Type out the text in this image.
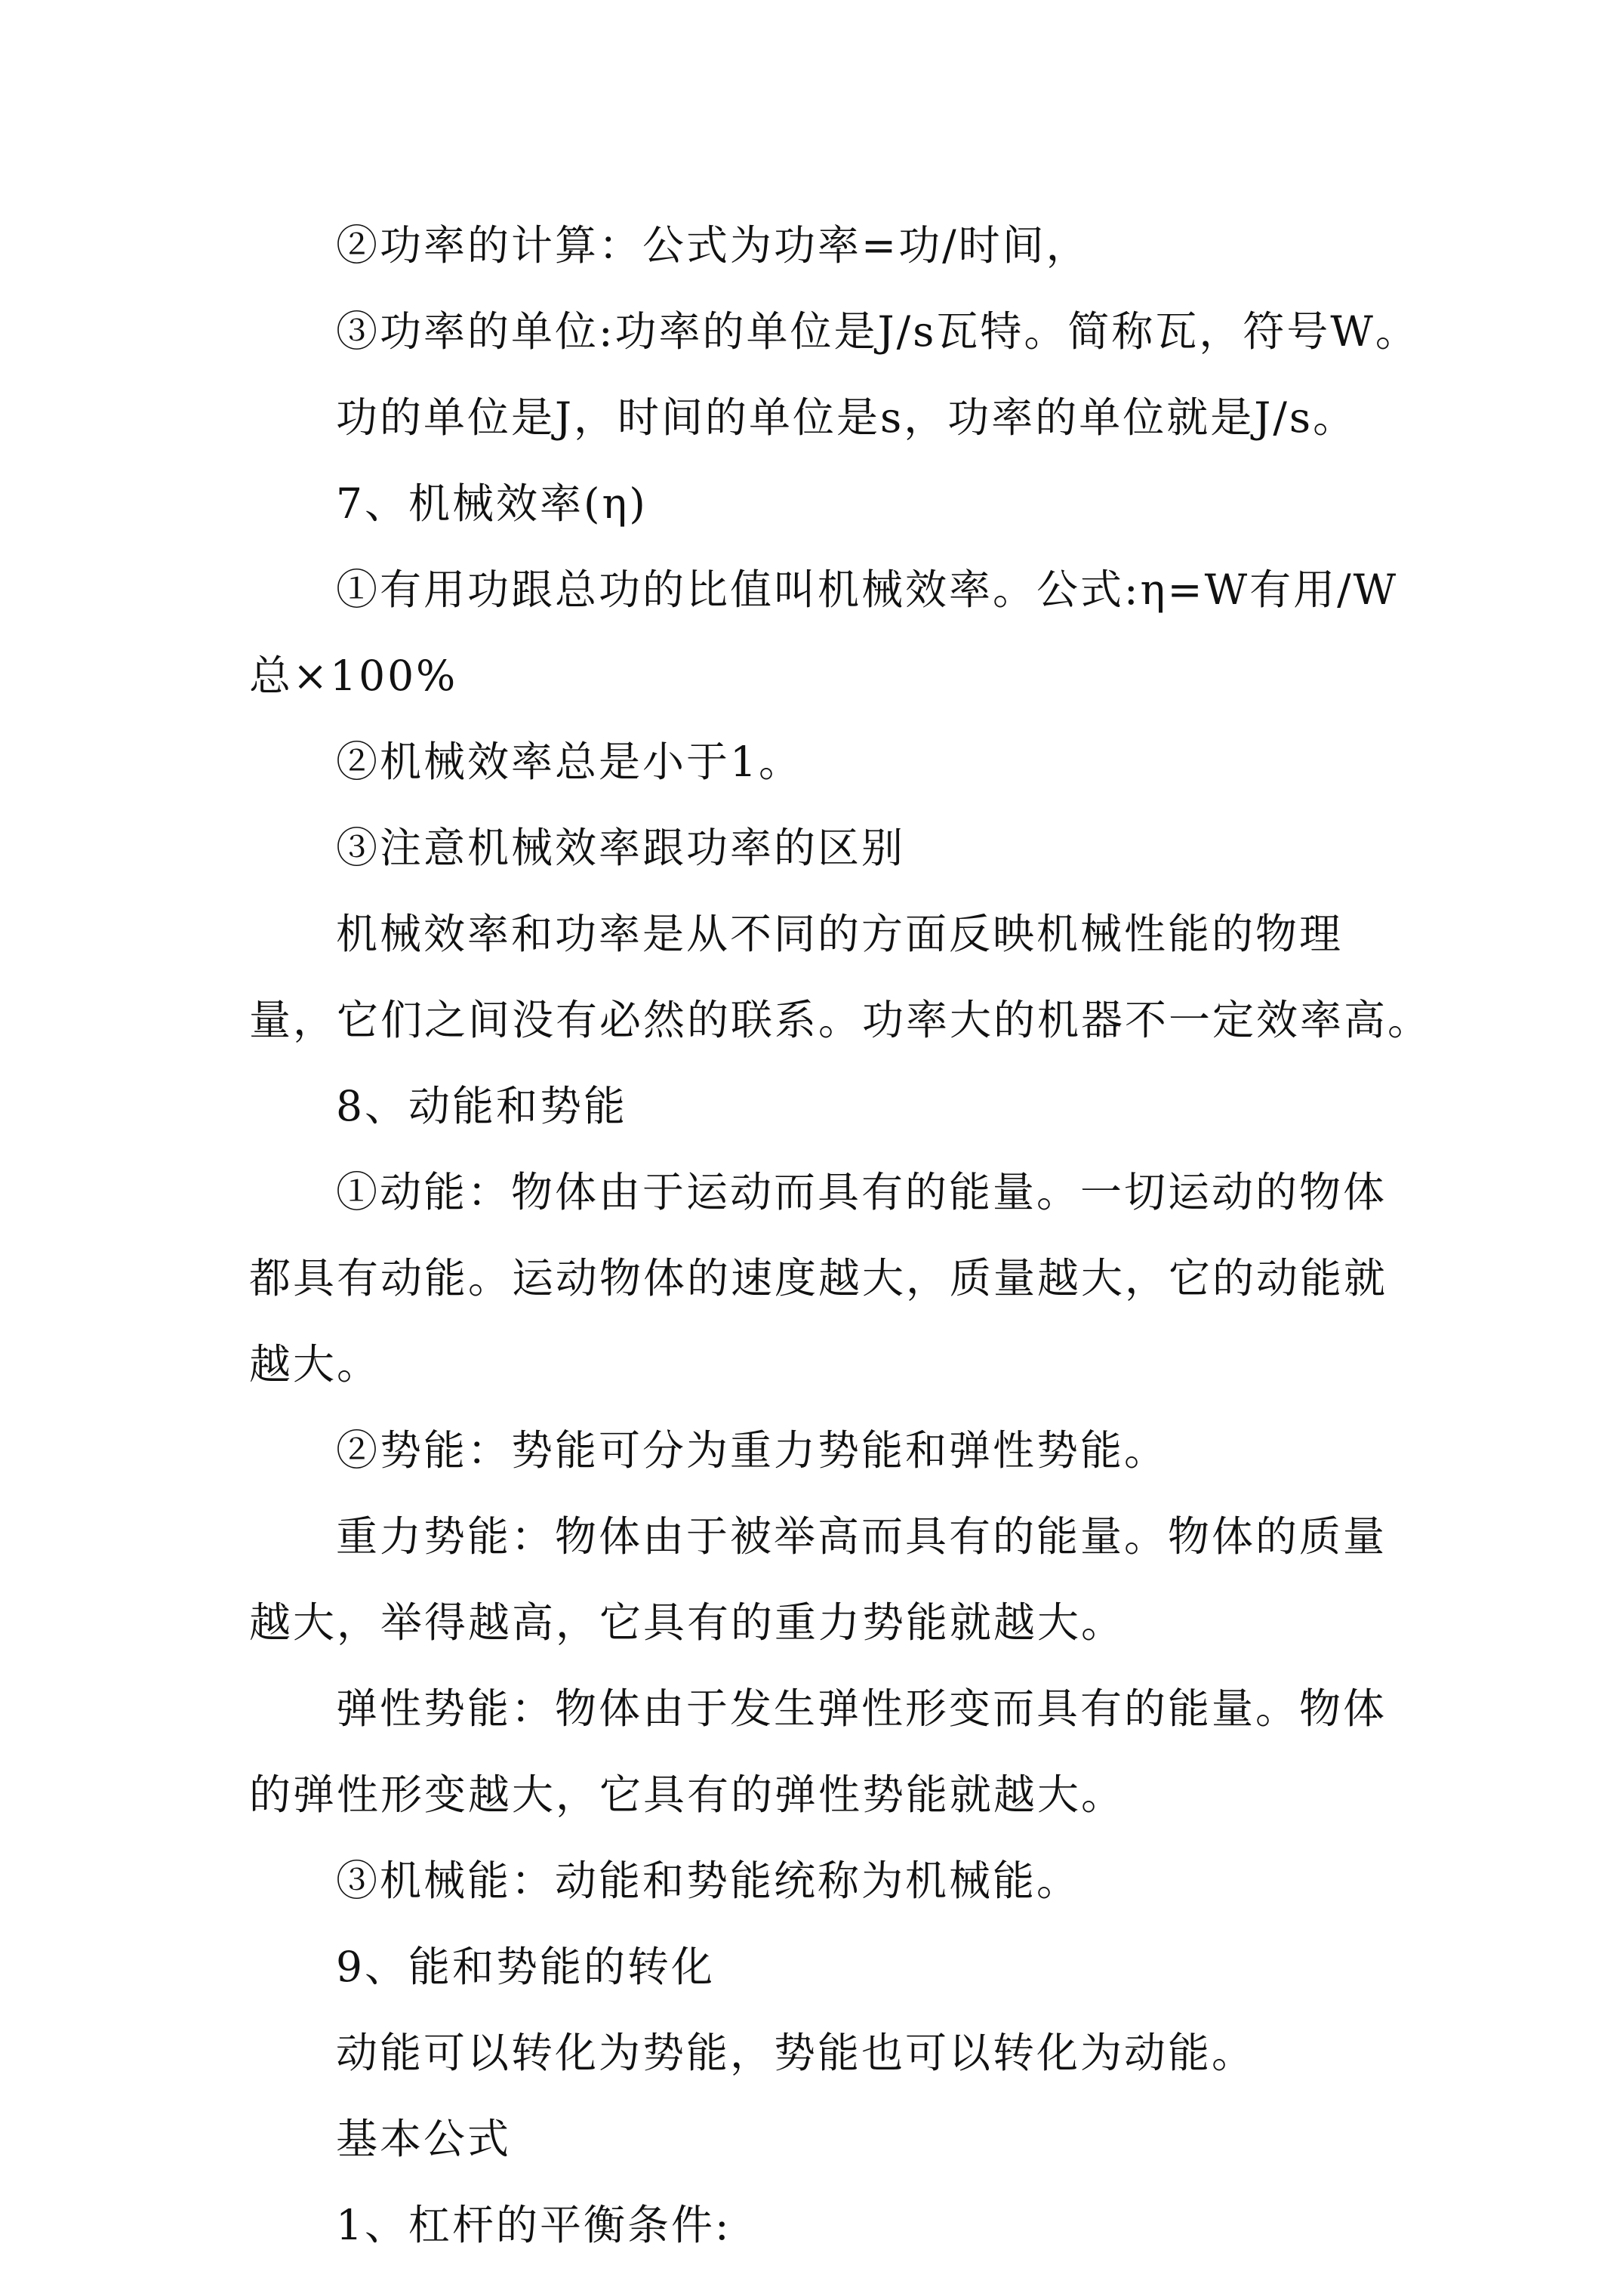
②功率的计算：公式为功率=功/时间，
③功率的单位:功率的单位是J/s瓦特。简称瓦，符号W。
功的单位是J，时间的单位是s，功率的单位就是J/s。
7、机械效率(η)
①有用功跟总功的比值叫机械效率。公式:η=W有用/W
总×100%
②机械效率总是小于1。
③注意机械效率跟功率的区别
机械效率和功率是从不同的方面反映机械性能的物理
量，它们之间没有必然的联系。功率大的机器不一定效率高。
8、动能和势能
①动能：物体由于运动而具有的能量。一切运动的物体
都具有动能。运动物体的速度越大，质量越大，它的动能就
越大。
②势能：势能可分为重力势能和弹性势能。
重力势能：物体由于被举高而具有的能量。物体的质量
越大，举得越高，它具有的重力势能就越大。
弹性势能：物体由于发生弹性形变而具有的能量。物体
的弹性形变越大，它具有的弹性势能就越大。
③机械能：动能和势能统称为机械能。
9、能和势能的转化
动能可以转化为势能，势能也可以转化为动能。
基本公式
1、杠杆的平衡条件:
